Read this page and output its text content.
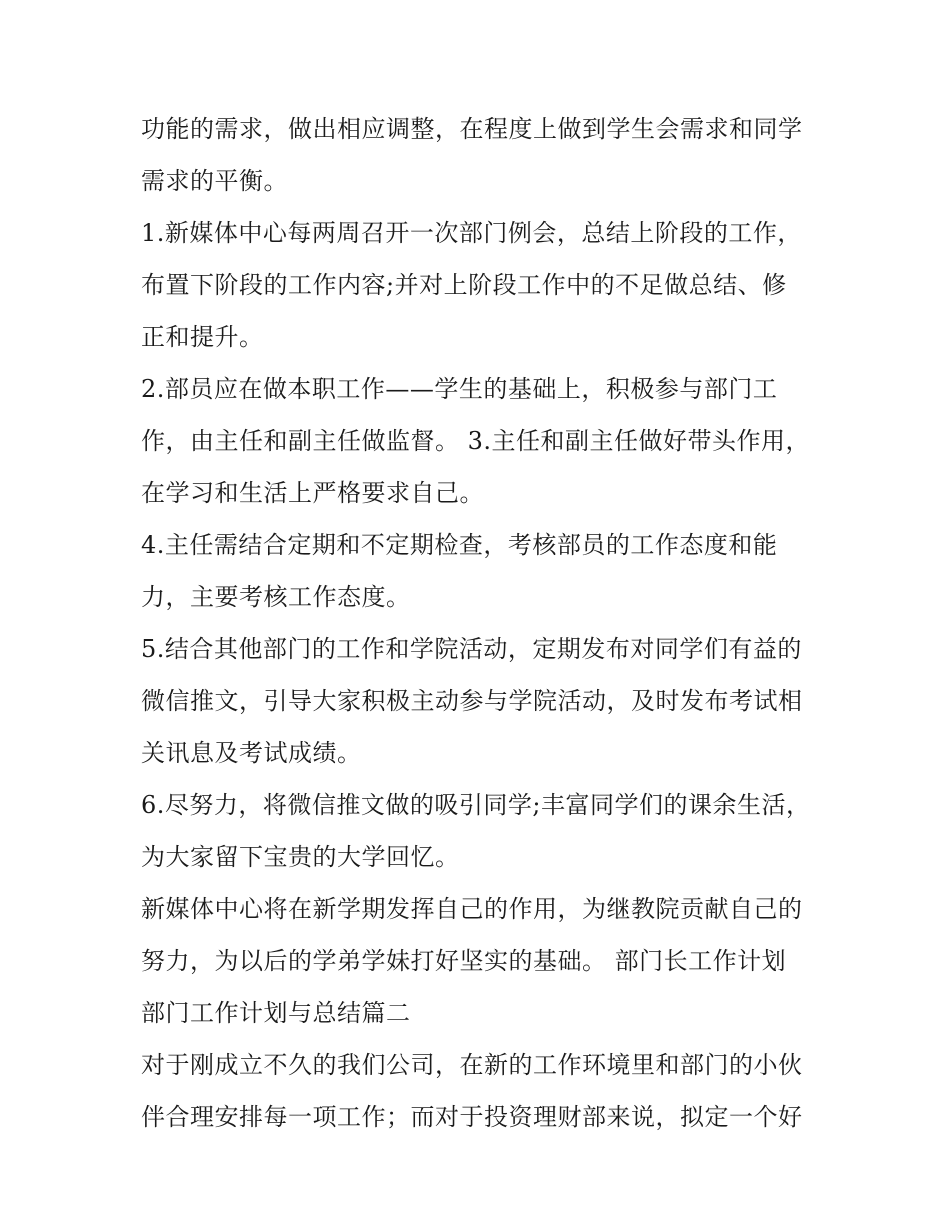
功能的需求，做出相应调整，在程度上做到学生会需求和同学
需求的平衡。
1.新媒体中心每两周召开一次部门例会，总结上阶段的工作，
布置下阶段的工作内容;并对上阶段工作中的不足做总结、修
正和提升。
2.部员应在做本职工作——学生的基础上，积极参与部门工
作，由主任和副主任做监督。 3.主任和副主任做好带头作用，
在学习和生活上严格要求自己。
4.主任需结合定期和不定期检查，考核部员的工作态度和能
力，主要考核工作态度。
5.结合其他部门的工作和学院活动，定期发布对同学们有益的
微信推文，引导大家积极主动参与学院活动，及时发布考试相
关讯息及考试成绩。
6.尽努力，将微信推文做的吸引同学;丰富同学们的课余生活，
为大家留下宝贵的大学回忆。
新媒体中心将在新学期发挥自己的作用，为继教院贡献自己的
努力，为以后的学弟学妹打好坚实的基础。 部门长工作计划
部门工作计划与总结篇二
对于刚成立不久的我们公司，在新的工作环境里和部门的小伙
伴合理安排每一项工作；而对于投资理财部来说，拟定一个好
